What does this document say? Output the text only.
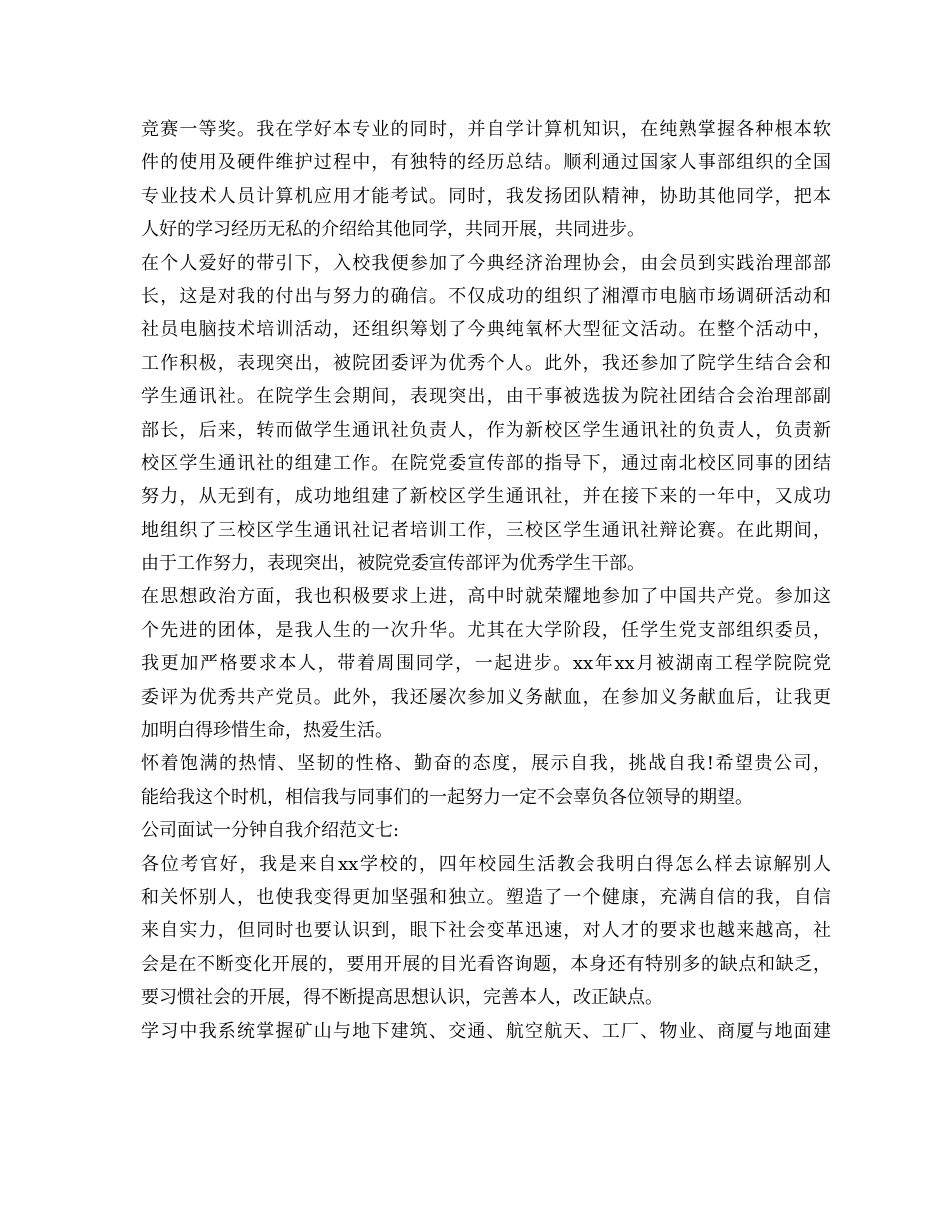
竞赛一等奖。我在学好本专业的同时，并自学计算机知识，在纯熟掌握各种根本软
件的使用及硬件维护过程中，有独特的经历总结。顺利通过国家人事部组织的全国
专业技术人员计算机应用才能考试。同时，我发扬团队精神，协助其他同学，把本
人好的学习经历无私的介绍给其他同学，共同开展，共同进步。
在个人爱好的带引下，入校我便参加了今典经济治理协会，由会员到实践治理部部
长，这是对我的付出与努力的确信。不仅成功的组织了湘潭市电脑市场调研活动和
社员电脑技术培训活动，还组织筹划了今典纯氧杯大型征文活动。在整个活动中，
工作积极，表现突出，被院团委评为优秀个人。此外，我还参加了院学生结合会和
学生通讯社。在院学生会期间，表现突出，由干事被选拔为院社团结合会治理部副
部长，后来，转而做学生通讯社负责人，作为新校区学生通讯社的负责人，负责新
校区学生通讯社的组建工作。在院党委宣传部的指导下，通过南北校区同事的团结
努力，从无到有，成功地组建了新校区学生通讯社，并在接下来的一年中，又成功
地组织了三校区学生通讯社记者培训工作，三校区学生通讯社辩论赛。在此期间，
由于工作努力，表现突出，被院党委宣传部评为优秀学生干部。
在思想政治方面，我也积极要求上进，高中时就荣耀地参加了中国共产党。参加这
个先进的团体，是我人生的一次升华。尤其在大学阶段，任学生党支部组织委员，
我更加严格要求本人，带着周围同学，一起进步。xx年xx月被湖南工程学院院党
委评为优秀共产党员。此外，我还屡次参加义务献血，在参加义务献血后，让我更
加明白得珍惜生命，热爱生活。
怀着饱满的热情、坚韧的性格、勤奋的态度，展示自我，挑战自我!希望贵公司，
能给我这个时机，相信我与同事们的一起努力一定不会辜负各位领导的期望。
公司面试一分钟自我介绍范文七:
各位考官好，我是来自xx学校的，四年校园生活教会我明白得怎么样去谅解别人
和关怀别人，也使我变得更加坚强和独立。塑造了一个健康，充满自信的我，自信
来自实力，但同时也要认识到，眼下社会变革迅速，对人才的要求也越来越高，社
会是在不断变化开展的，要用开展的目光看咨询题，本身还有特别多的缺点和缺乏，
要习惯社会的开展，得不断提高思想认识，完善本人，改正缺点。
学习中我系统掌握矿山与地下建筑、交通、航空航天、工厂、物业、商厦与地面建
